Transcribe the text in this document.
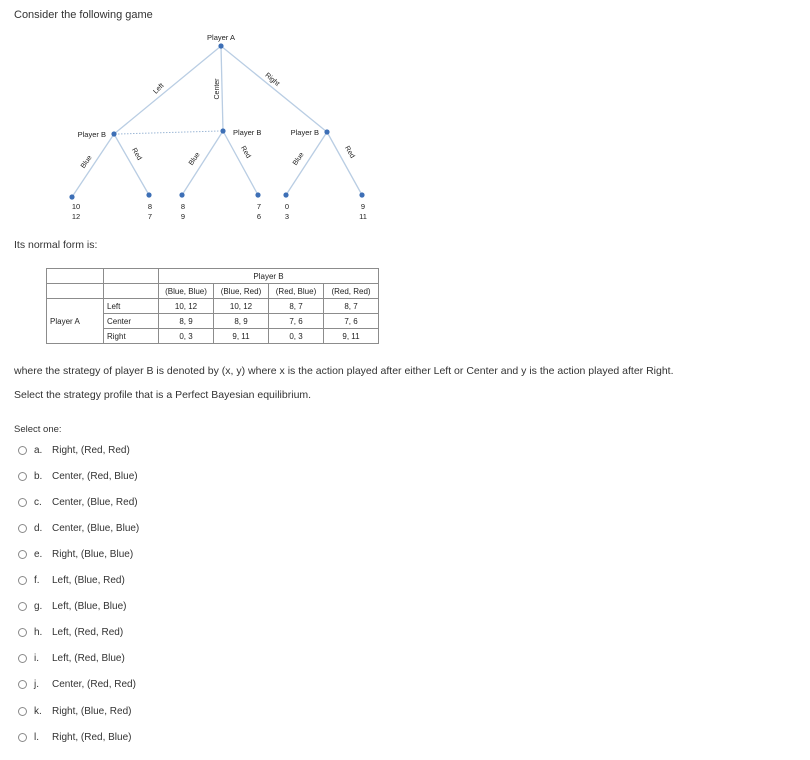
Consider the following game
Player A
Player B	Player B	Player B
Left	Center	Right
Blue
Red	Blue	Red	Blue	Red
10
12
8
7
8
9
7
6
0
3
9
11
Its normal form is:
		Player B			
		(Blue, Blue)	(Blue, Red)	(Red, Blue)	(Red, Red)
Player A	Left	10, 12	10, 12	8, 7	8, 7
	Center	8, 9	8, 9	7, 6	7, 6
	Right	0, 3	9, 11	0, 3	9, 11
where the strategy of player B is denoted by (x, y) where x is the action played after either Left or Center and y is the action played after Right.
Select the strategy profile that is a Perfect Bayesian equilibrium.
Select one:
a. Right, (Red, Red)
b. Center, (Red, Blue)
c.	Center, (Blue, Red)
d. Center, (Blue, Blue)
e. Right, (Blue, Blue)
f.	Left, (Blue, Red)
g. Left, (Blue, Blue)
h. Left, (Red, Red)
i.	Left, (Red, Blue)
j.	Center, (Red, Red)
k.	Right, (Blue, Red)
l.	Right, (Red, Blue)
